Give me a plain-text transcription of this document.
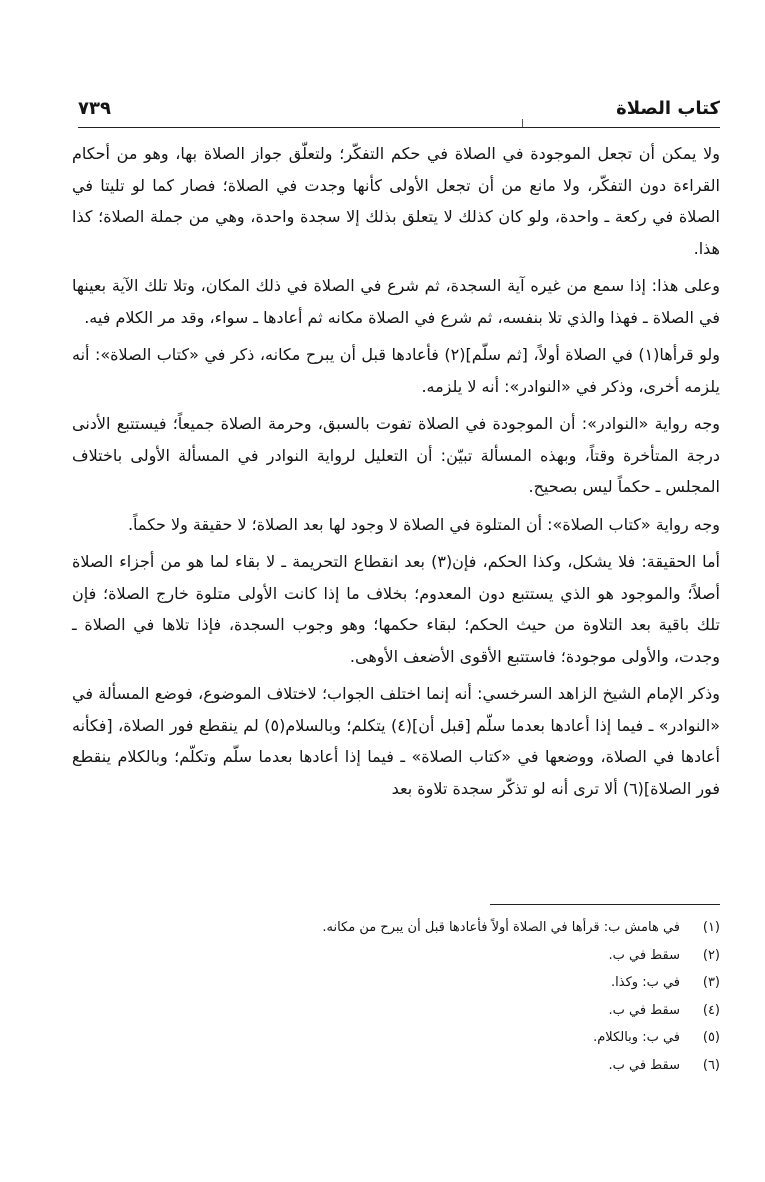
كتاب الصلاة
٧٣٩

ولا يمكن أن تجعل الموجودة في الصلاة في حكم التفكّر؛ ولتعلّق جواز الصلاة بها، وهو من أحكام القراءة دون التفكّر، ولا مانع من أن تجعل الأولى كأنها وجدت في الصلاة؛ فصار كما لو تليتا في الصلاة في ركعة ـ واحدة، ولو كان كذلك لا يتعلق بذلك إلا سجدة واحدة، وهي من جملة الصلاة؛ كذا هذا.

وعلى هذا: إذا سمع من غيره آية السجدة، ثم شرع في الصلاة في ذلك المكان، وتلا تلك الآية بعينها في الصلاة ـ فهذا والذي تلا بنفسه، ثم شرع في الصلاة مكانه ثم أعادها ـ سواء، وقد مر الكلام فيه.

ولو قرأها(١) في الصلاة أولاً، [ثم سلّم](٢) فأعادها قبل أن يبرح مكانه، ذكر في «كتاب الصلاة»: أنه يلزمه أخرى، وذكر في «النوادر»: أنه لا يلزمه.

وجه رواية «النوادر»: أن الموجودة في الصلاة تفوت بالسبق، وحرمة الصلاة جميعاً؛ فيستتبع الأدنى درجة المتأخرة وقتاً، وبهذه المسألة تبيّن: أن التعليل لرواية النوادر في المسألة الأولى باختلاف المجلس ـ حكماً ليس بصحيح.

وجه رواية «كتاب الصلاة»: أن المتلوة في الصلاة لا وجود لها بعد الصلاة؛ لا حقيقة ولا حكماً.

أما الحقيقة: فلا يشكل، وكذا الحكم، فإن(٣) بعد انقطاع التحريمة ـ لا بقاء لما هو من أجزاء الصلاة أصلاً؛ والموجود هو الذي يستتبع دون المعدوم؛ بخلاف ما إذا كانت الأولى متلوة خارج الصلاة؛ فإن تلك باقية بعد التلاوة من حيث الحكم؛ لبقاء حكمها؛ وهو وجوب السجدة، فإذا تلاها في الصلاة ـ وجدت، والأولى موجودة؛ فاستتبع الأقوى الأضعف الأوهى.

وذكر الإمام الشيخ الزاهد السرخسي: أنه إنما اختلف الجواب؛ لاختلاف الموضوع، فوضع المسألة في «النوادر» ـ فيما إذا أعادها بعدما سلّم [قبل أن](٤) يتكلم؛ وبالسلام(٥) لم ينقطع فور الصلاة، [فكأنه أعادها في الصلاة، ووضعها في «كتاب الصلاة» ـ فيما إذا أعادها بعدما سلّم وتكلّم؛ وبالكلام ينقطع فور الصلاة](٦) ألا ترى أنه لو تذكّر سجدة تلاوة بعد

(١)
في هامش ب: قرأها في الصلاة أولاً فأعادها قبل أن يبرح من مكانه.
(٢)
سقط في ب.
(٣)
في ب: وكذا.
(٤)
سقط في ب.
(٥)
في ب: وبالكلام.
(٦)
سقط في ب.
